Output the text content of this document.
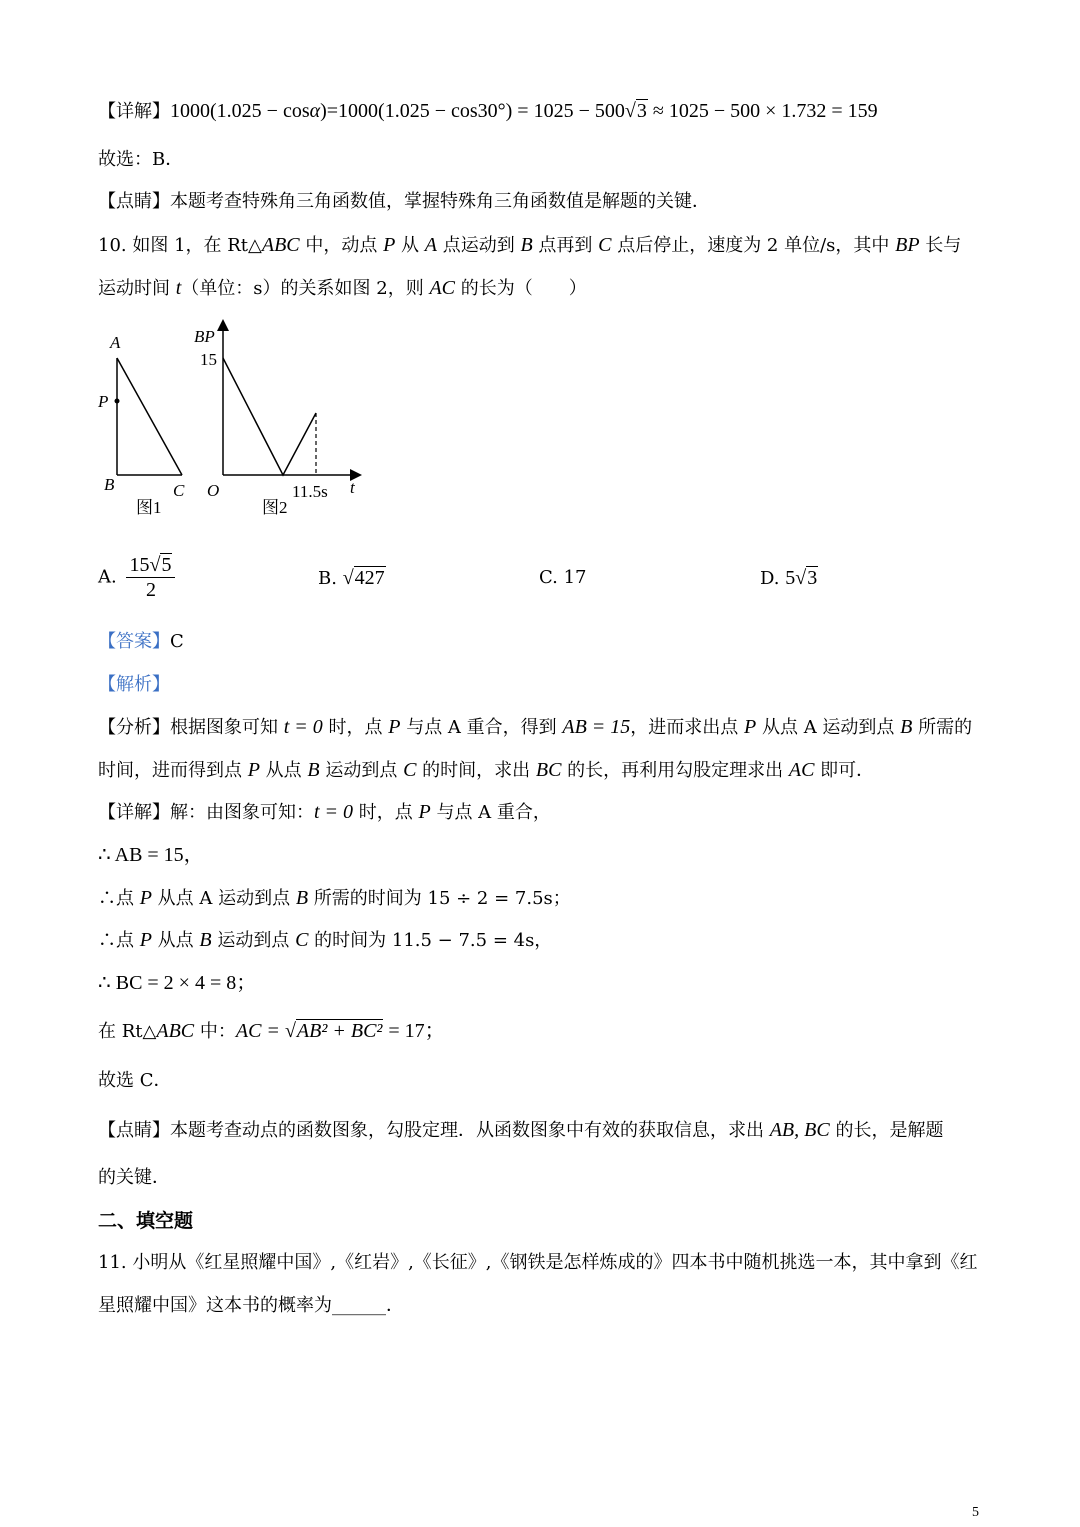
【详解】1000(1.025 − cosα)=1000(1.025 − cos30°) = 1025 − 500√3 ≈ 1025 − 500 × 1.732 = 159
故选：B．
【点睛】本题考查特殊角三角函数值，掌握特殊角三角函数值是解题的关键．
10. 如图 1，在 Rt△ABC 中，动点 P 从 A 点运动到 B 点再到 C 点后停止，速度为 2 单位/s，其中 BP 长与
运动时间 t（单位：s）的关系如图 2，则 AC 的长为（　　）
A
P
B	C
图1
BP
15
O	11.5s t
图2
A. $\frac{15√5}{2}$	B. √427	C. 17	D. 5√3
【答案】C
【解析】
【分析】根据图象可知 t = 0 时，点 P 与点 A 重合，得到 AB = 15，进而求出点 P 从点 A 运动到点 B 所需的
时间，进而得到点 P 从点 B 运动到点 C 的时间，求出 BC 的长，再利用勾股定理求出 AC 即可．
【详解】解：由图象可知：t = 0 时，点 P 与点 A 重合，
∴ AB = 15，
∴点 P 从点 A 运动到点 B 所需的时间为 15 ÷ 2 = 7.5s；
∴点 P 从点 B 运动到点 C 的时间为 11.5 − 7.5 = 4s，
∴ BC = 2 × 4 = 8；
在 Rt△ABC 中：AC = √AB² + BC² = 17；
故选 C．
【点睛】本题考查动点的函数图象，勾股定理．从函数图象中有效的获取信息，求出 AB, BC 的长，是解题
的关键．
二、填空题
11. 小明从《红星照耀中国》,《红岩》,《长征》,《钢铁是怎样炼成的》四本书中随机挑选一本，其中拿到《红
星照耀中国》这本书的概率为______．
5
